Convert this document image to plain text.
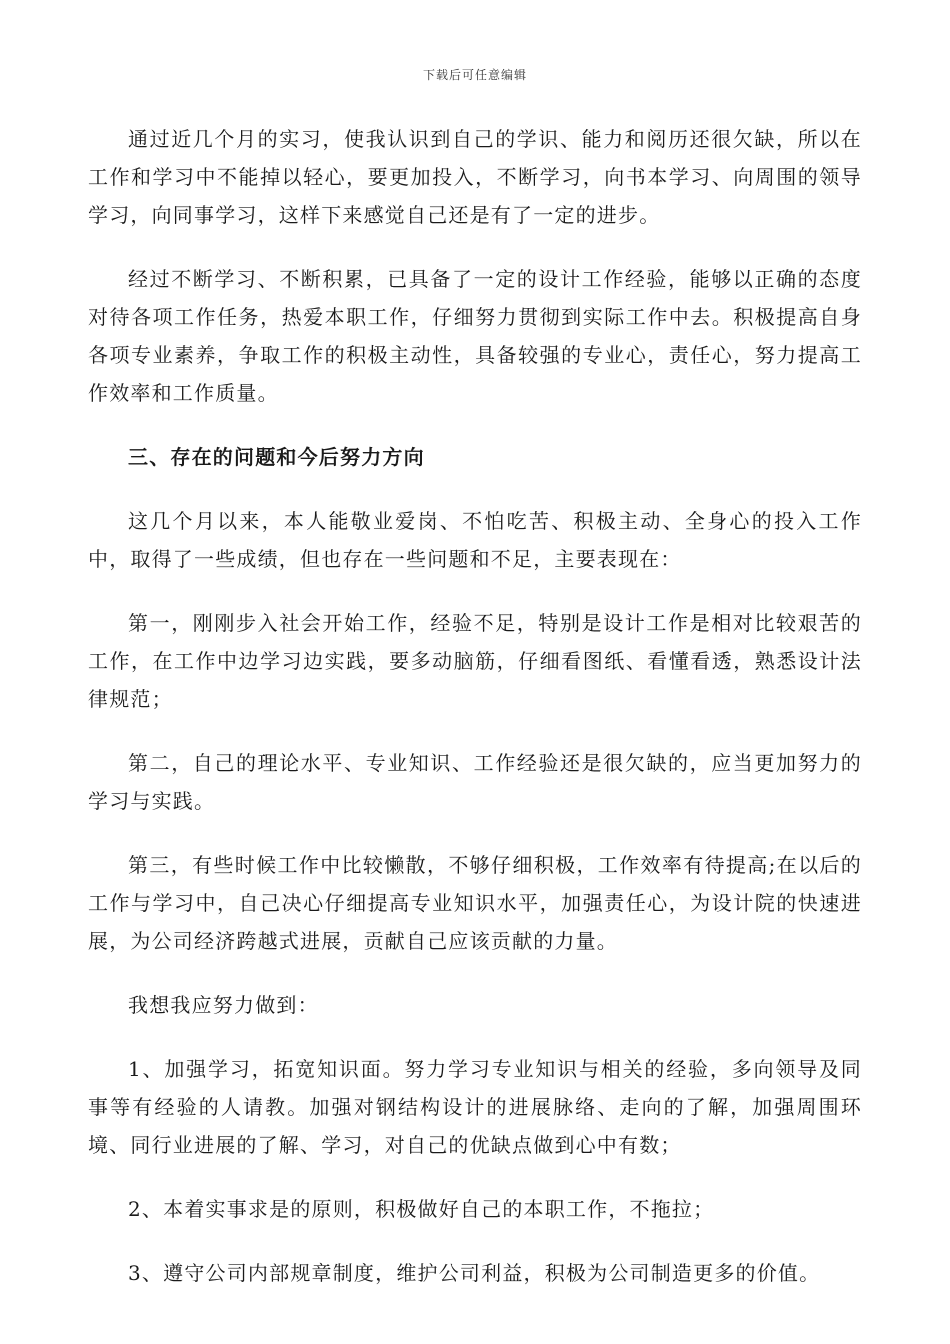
下载后可任意编辑

通过近几个月的实习，使我认识到自己的学识、能力和阅历还很欠缺，所以在工作和学习中不能掉以轻心，要更加投入，不断学习，向书本学习、向周围的领导学习，向同事学习，这样下来感觉自己还是有了一定的进步。

经过不断学习、不断积累，已具备了一定的设计工作经验，能够以正确的态度对待各项工作任务，热爱本职工作，仔细努力贯彻到实际工作中去。积极提高自身各项专业素养，争取工作的积极主动性，具备较强的专业心，责任心，努力提高工作效率和工作质量。

三、存在的问题和今后努力方向

这几个月以来，本人能敬业爱岗、不怕吃苦、积极主动、全身心的投入工作中，取得了一些成绩，但也存在一些问题和不足，主要表现在：

第一，刚刚步入社会开始工作，经验不足，特别是设计工作是相对比较艰苦的工作，在工作中边学习边实践，要多动脑筋，仔细看图纸、看懂看透，熟悉设计法律规范；

第二，自己的理论水平、专业知识、工作经验还是很欠缺的，应当更加努力的学习与实践。

第三，有些时候工作中比较懒散，不够仔细积极，工作效率有待提高;在以后的工作与学习中，自己决心仔细提高专业知识水平，加强责任心，为设计院的快速进展，为公司经济跨越式进展，贡献自己应该贡献的力量。

我想我应努力做到：

1、加强学习，拓宽知识面。努力学习专业知识与相关的经验，多向领导及同事等有经验的人请教。加强对钢结构设计的进展脉络、走向的了解，加强周围环境、同行业进展的了解、学习，对自己的优缺点做到心中有数；

2、本着实事求是的原则，积极做好自己的本职工作，不拖拉；

3、遵守公司内部规章制度，维护公司利益，积极为公司制造更多的价值。
